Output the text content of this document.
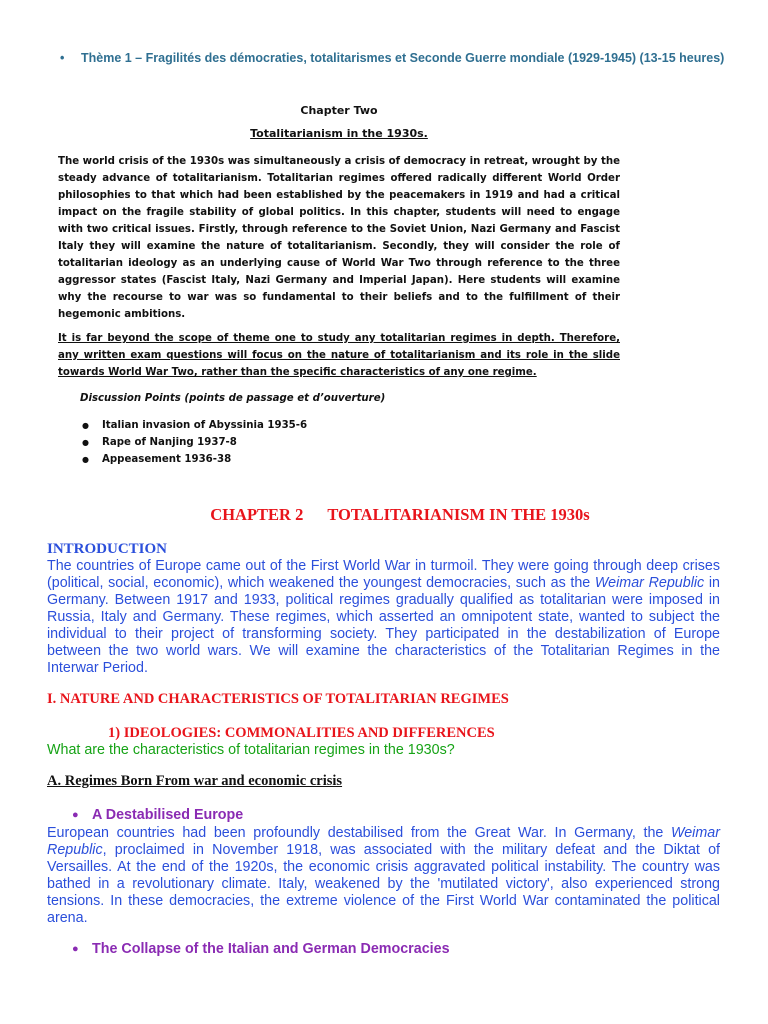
• Thème 1 – Fragilités des démocraties, totalitarismes et Seconde Guerre mondiale (1929-1945) (13-15 heures)
Chapter Two
Totalitarianism in the 1930s.
The world crisis of the 1930s was simultaneously a crisis of democracy in retreat, wrought by the steady advance of totalitarianism. Totalitarian regimes offered radically different World Order philosophies to that which had been established by the peacemakers in 1919 and had a critical impact on the fragile stability of global politics. In this chapter, students will need to engage with two critical issues. Firstly, through reference to the Soviet Union, Nazi Germany and Fascist Italy they will examine the nature of totalitarianism. Secondly, they will consider the role of totalitarian ideology as an underlying cause of World War Two through reference to the three aggressor states (Fascist Italy, Nazi Germany and Imperial Japan). Here students will examine why the recourse to war was so fundamental to their beliefs and to the fulfillment of their hegemonic ambitions.
It is far beyond the scope of theme one to study any totalitarian regimes in depth. Therefore, any written exam questions will focus on the nature of totalitarianism and its role in the slide towards World War Two, rather than the specific characteristics of any one regime.
Discussion Points (points de passage et d’ouverture)
● Italian invasion of Abyssinia 1935-6
● Rape of Nanjing 1937-8
● Appeasement 1936-38
CHAPTER 2 TOTALITARIANISM IN THE 1930s
INTRODUCTION
The countries of Europe came out of the First World War in turmoil. They were going through deep crises (political, social, economic), which weakened the youngest democracies, such as the Weimar Republic in Germany. Between 1917 and 1933, political regimes gradually qualified as totalitarian were imposed in Russia, Italy and Germany. These regimes, which asserted an omnipotent state, wanted to subject the individual to their project of transforming society. They participated in the destabilization of Europe between the two world wars. We will examine the characteristics of the Totalitarian Regimes in the Interwar Period.
I. NATURE AND CHARACTERISTICS OF TOTALITARIAN REGIMES
1) IDEOLOGIES: COMMONALITIES AND DIFFERENCES
What are the characteristics of totalitarian regimes in the 1930s?
A. Regimes Born From war and economic crisis
● A Destabilised Europe
European countries had been profoundly destabilised from the Great War. In Germany, the Weimar Republic, proclaimed in November 1918, was associated with the military defeat and the Diktat of Versailles. At the end of the 1920s, the economic crisis aggravated political instability. The country was bathed in a revolutionary climate. Italy, weakened by the 'mutilated victory', also experienced strong tensions. In these democracies, the extreme violence of the First World War contaminated the political arena.
● The Collapse of the Italian and German Democracies
